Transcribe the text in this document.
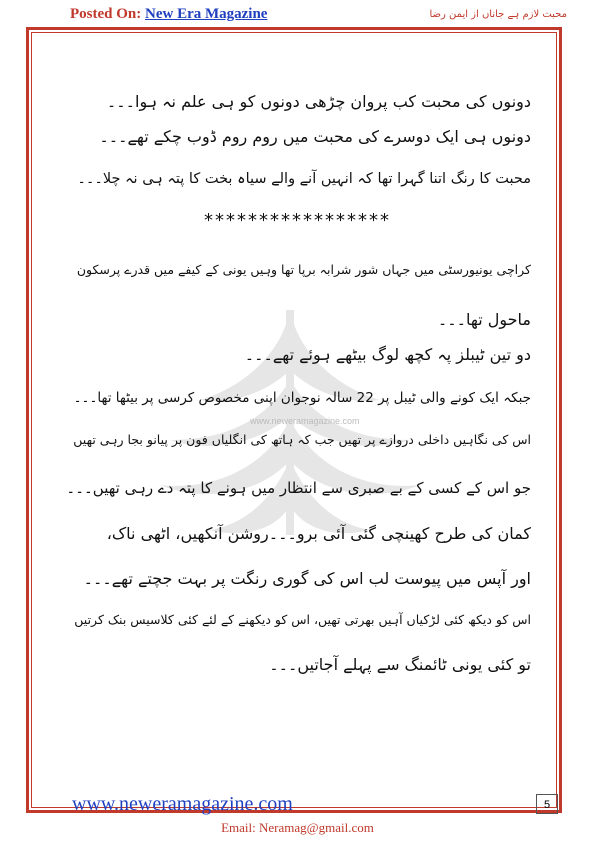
Posted On: New Era Magazine	محبت لازم ہے جاناں از ایمن رضا
www.neweramagazine.com
دونوں کی محبت کب پروان چڑھی دونوں کو ہی علم نہ ہوا۔۔۔
دونوں ہی ایک دوسرے کی محبت میں روم روم ڈوب چکے تھے۔۔۔
محبت کا رنگ اتنا گہرا تھا کہ انہیں آنے والے سیاہ بخت کا پتہ ہی نہ چلا۔۔۔
*****************
کراچی یونیورسٹی میں جہاں شور شرابہ برپا تھا وہیں یونی کے کیفے میں قدرے پرسکون
ماحول تھا۔۔۔
دو تین ٹیبلز پہ کچھ لوگ بیٹھے ہوئے تھے۔۔۔
جبکہ ایک کونے والی ٹیبل پر 22 سالہ نوجوان اپنی مخصوص کرسی پر بیٹھا تھا۔۔۔
اس کی نگاہیں داخلی دروازے پر تھیں جب کہ ہاتھ کی انگلیاں فون پر پیانو بجا رہی تھیں
جو اس کے کسی کے بے صبری سے انتظار میں ہونے کا پتہ دے رہی تھیں۔۔۔
کمان کی طرح کھینچی گئی آئی برو۔۔۔روشن آنکھیں، اٹھی ناک،
اور آپس میں پیوست لب اس کی گوری رنگت پر بہت جچتے تھے۔۔۔
اس کو دیکھ کئی لڑکیاں آہیں بھرتی تھیں، اس کو دیکھنے کے لئے کئی کلاسیس بنک کرتیں
تو کئی یونی ٹائمنگ سے پہلے آجاتیں۔۔۔
www.neweramagazine.com	5
Email: Neramag@gmail.com
